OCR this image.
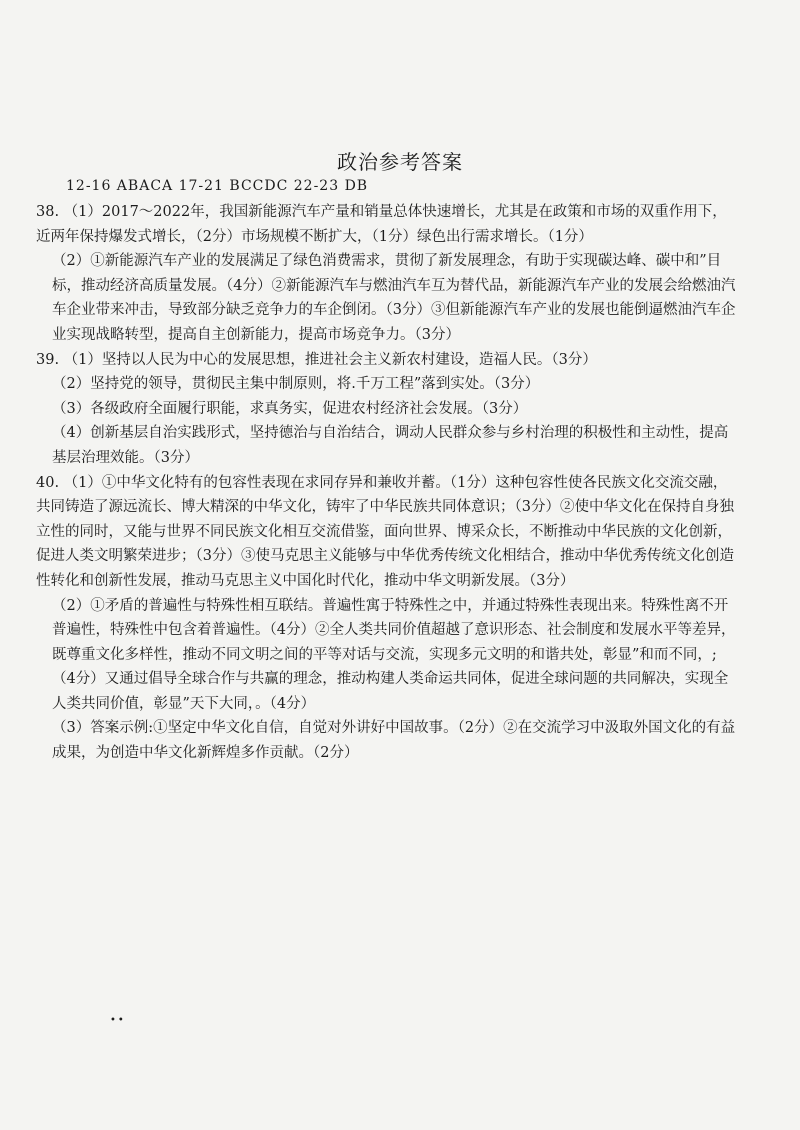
政治参考答案
12-16 ABACA 17-21 BCCDC 22-23 DB

38. （1）2017～2022年，我国新能源汽车产量和销量总体快速增长，尤其是在政策和市场的双重作用下，近两年保持爆发式增长，（2分）市场规模不断扩大，（1分）绿色出行需求增长。（1分）

（2）①新能源汽车产业的发展满足了绿色消费需求，贯彻了新发展理念，有助于实现碳达峰、碳中和”目标，推动经济高质量发展。（4分）②新能源汽车与燃油汽车互为替代品，新能源汽车产业的发展会给燃油汽车企业带来冲击，导致部分缺乏竞争力的车企倒闭。（3分）③但新能源汽车产业的发展也能倒逼燃油汽车企业实现战略转型，提高自主创新能力，提高市场竞争力。（3分）

39. （1）坚持以人民为中心的发展思想，推进社会主义新农村建设，造福人民。（3分）

（2）坚持党的领导，贯彻民主集中制原则，将.千万工程”落到实处。（3分）

（3）各级政府全面履行职能，求真务实，促进农村经济社会发展。（3分）

（4）创新基层自治实践形式，坚持德治与自治结合，调动人民群众参与乡村治理的积极性和主动性，提高基层治理效能。（3分）

40. （1）①中华文化特有的包容性表现在求同存异和兼收并蓄。（1分）这种包容性使各民族文化交流交融，共同铸造了源远流长、博大精深的中华文化，铸牢了中华民族共同体意识；（3分）②使中华文化在保持自身独立性的同时，又能与世界不同民族文化相互交流借鉴，面向世界、博采众长，不断推动中华民族的文化创新，促进人类文明繁荣进步；（3分）③使马克思主义能够与中华优秀传统文化相结合，推动中华优秀传统文化创造性转化和创新性发展，推动马克思主义中国化时代化，推动中华文明新发展。（3分）

（2）①矛盾的普遍性与特殊性相互联结。普遍性寓于特殊性之中，并通过特殊性表现出来。特殊性离不开普遍性，特殊性中包含着普遍性。（4分）②全人类共同价值超越了意识形态、社会制度和发展水平等差异，既尊重文化多样性，推动不同文明之间的平等对话与交流，实现多元文明的和谐共处，彰显”和而不同，;（4分）又通过倡导全球合作与共赢的理念，推动构建人类命运共同体，促进全球问题的共同解决，实现全人类共同价值，彰显”天下大同，。（4分）

（3）答案示例:①坚定中华文化自信，自觉对外讲好中国故事。（2分）②在交流学习中汲取外国文化的有益成果，为创造中华文化新辉煌多作贡献。（2分）

••
